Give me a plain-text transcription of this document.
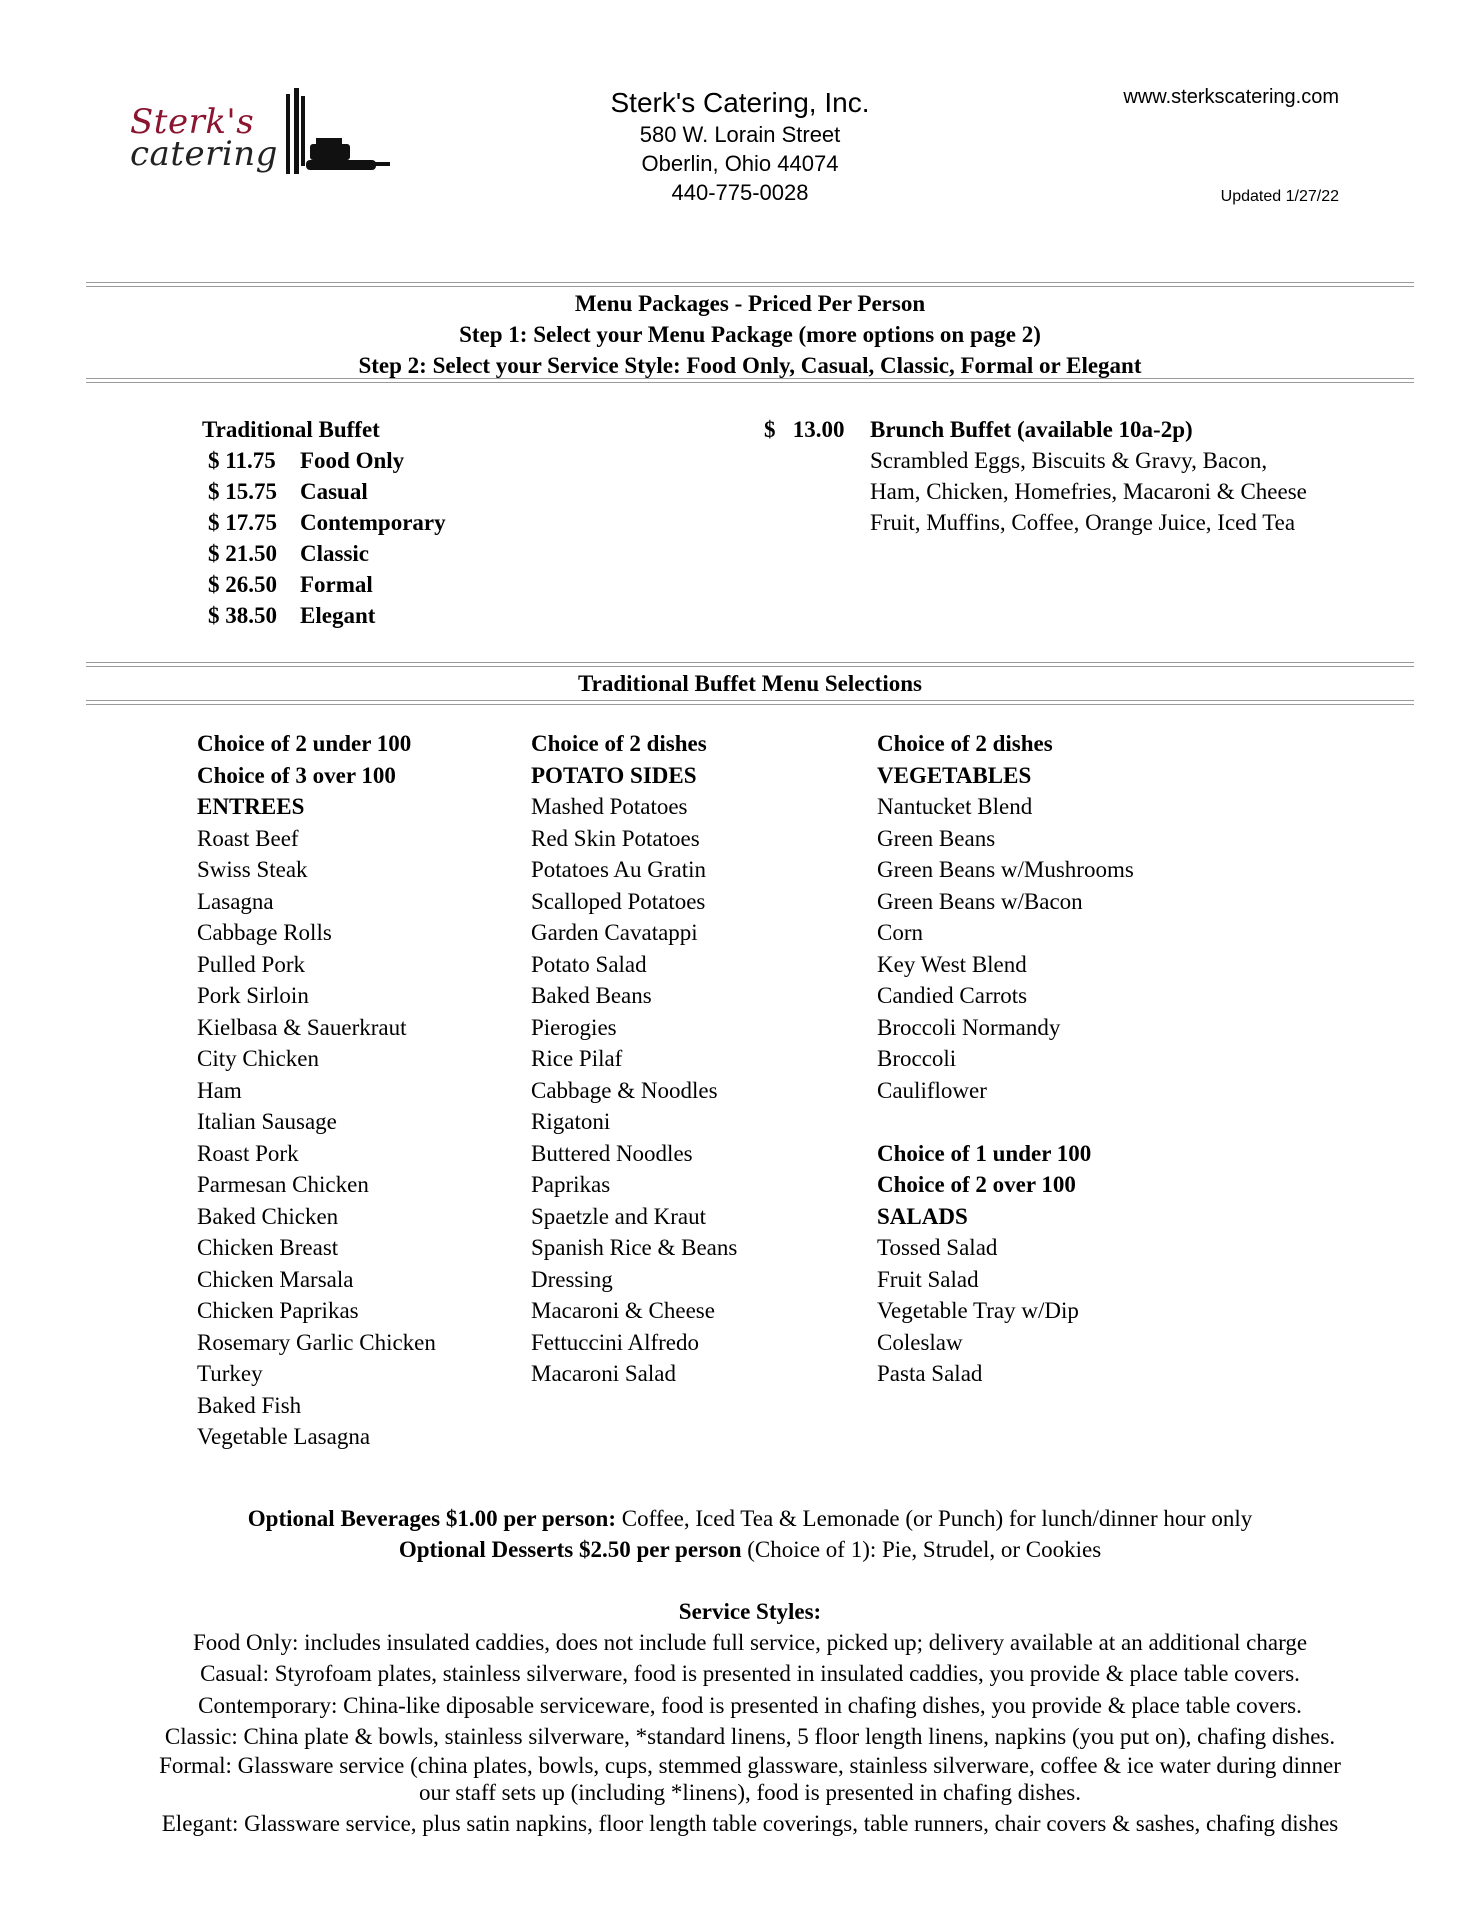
Sterk's
catering
Sterk's Catering, Inc.
580 W. Lorain Street
Oberlin, Ohio 44074
440-775-0028
www.sterkscatering.com
Updated 1/27/22
Menu Packages - Priced Per Person
Step 1: Select your Menu Package (more options on page 2)
Step 2: Select your Service Style: Food Only, Casual, Classic, Formal or Elegant
Traditional Buffet
$ 11.75 Food Only
$ 15.75 Casual
$ 17.75 Contemporary
$ 21.50 Classic
$ 26.50 Formal
$ 38.50 Elegant
$   13.00 Brunch Buffet (available 10a-2p)
Scrambled Eggs, Biscuits & Gravy, Bacon,
Ham, Chicken, Homefries, Macaroni & Cheese
Fruit, Muffins, Coffee, Orange Juice, Iced Tea
Traditional Buffet Menu Selections
Choice of 2 under 100
Choice of 3 over 100
ENTREES
Roast Beef
Swiss Steak
Lasagna
Cabbage Rolls
Pulled Pork
Pork Sirloin
Kielbasa & Sauerkraut
City Chicken
Ham
Italian Sausage
Roast Pork
Parmesan Chicken
Baked Chicken
Chicken Breast
Chicken Marsala
Chicken Paprikas
Rosemary Garlic Chicken
Turkey
Baked Fish
Vegetable Lasagna
Choice of 2 dishes
POTATO SIDES
Mashed Potatoes
Red Skin Potatoes
Potatoes Au Gratin
Scalloped Potatoes
Garden Cavatappi
Potato Salad
Baked Beans
Pierogies
Rice Pilaf
Cabbage & Noodles
Rigatoni
Buttered Noodles
Paprikas
Spaetzle and Kraut
Spanish Rice & Beans
Dressing
Macaroni & Cheese
Fettuccini Alfredo
Macaroni Salad
Choice of 2 dishes
VEGETABLES
Nantucket Blend
Green Beans
Green Beans w/Mushrooms
Green Beans w/Bacon
Corn
Key West Blend
Candied Carrots
Broccoli Normandy
Broccoli
Cauliflower
Choice of 1 under 100
Choice of 2 over 100
SALADS
Tossed Salad
Fruit Salad
Vegetable Tray w/Dip
Coleslaw
Pasta Salad
Optional Beverages $1.00 per person: Coffee, Iced Tea & Lemonade (or Punch) for lunch/dinner hour only
Optional Desserts $2.50 per person (Choice of 1): Pie, Strudel, or Cookies
Service Styles:
Food Only: includes insulated caddies, does not include full service, picked up; delivery available at an additional charge
Casual: Styrofoam plates, stainless silverware, food is presented in insulated caddies, you provide & place table covers.
Contemporary: China-like diposable serviceware, food is presented in chafing dishes, you provide & place table covers.
Classic: China plate & bowls, stainless silverware, *standard linens, 5 floor length linens, napkins (you put on), chafing dishes.
Formal: Glassware service (china plates, bowls, cups, stemmed glassware, stainless silverware, coffee & ice water during dinner
our staff sets up (including *linens), food is presented in chafing dishes.
Elegant: Glassware service, plus satin napkins, floor length table coverings, table runners, chair covers & sashes, chafing dishes
